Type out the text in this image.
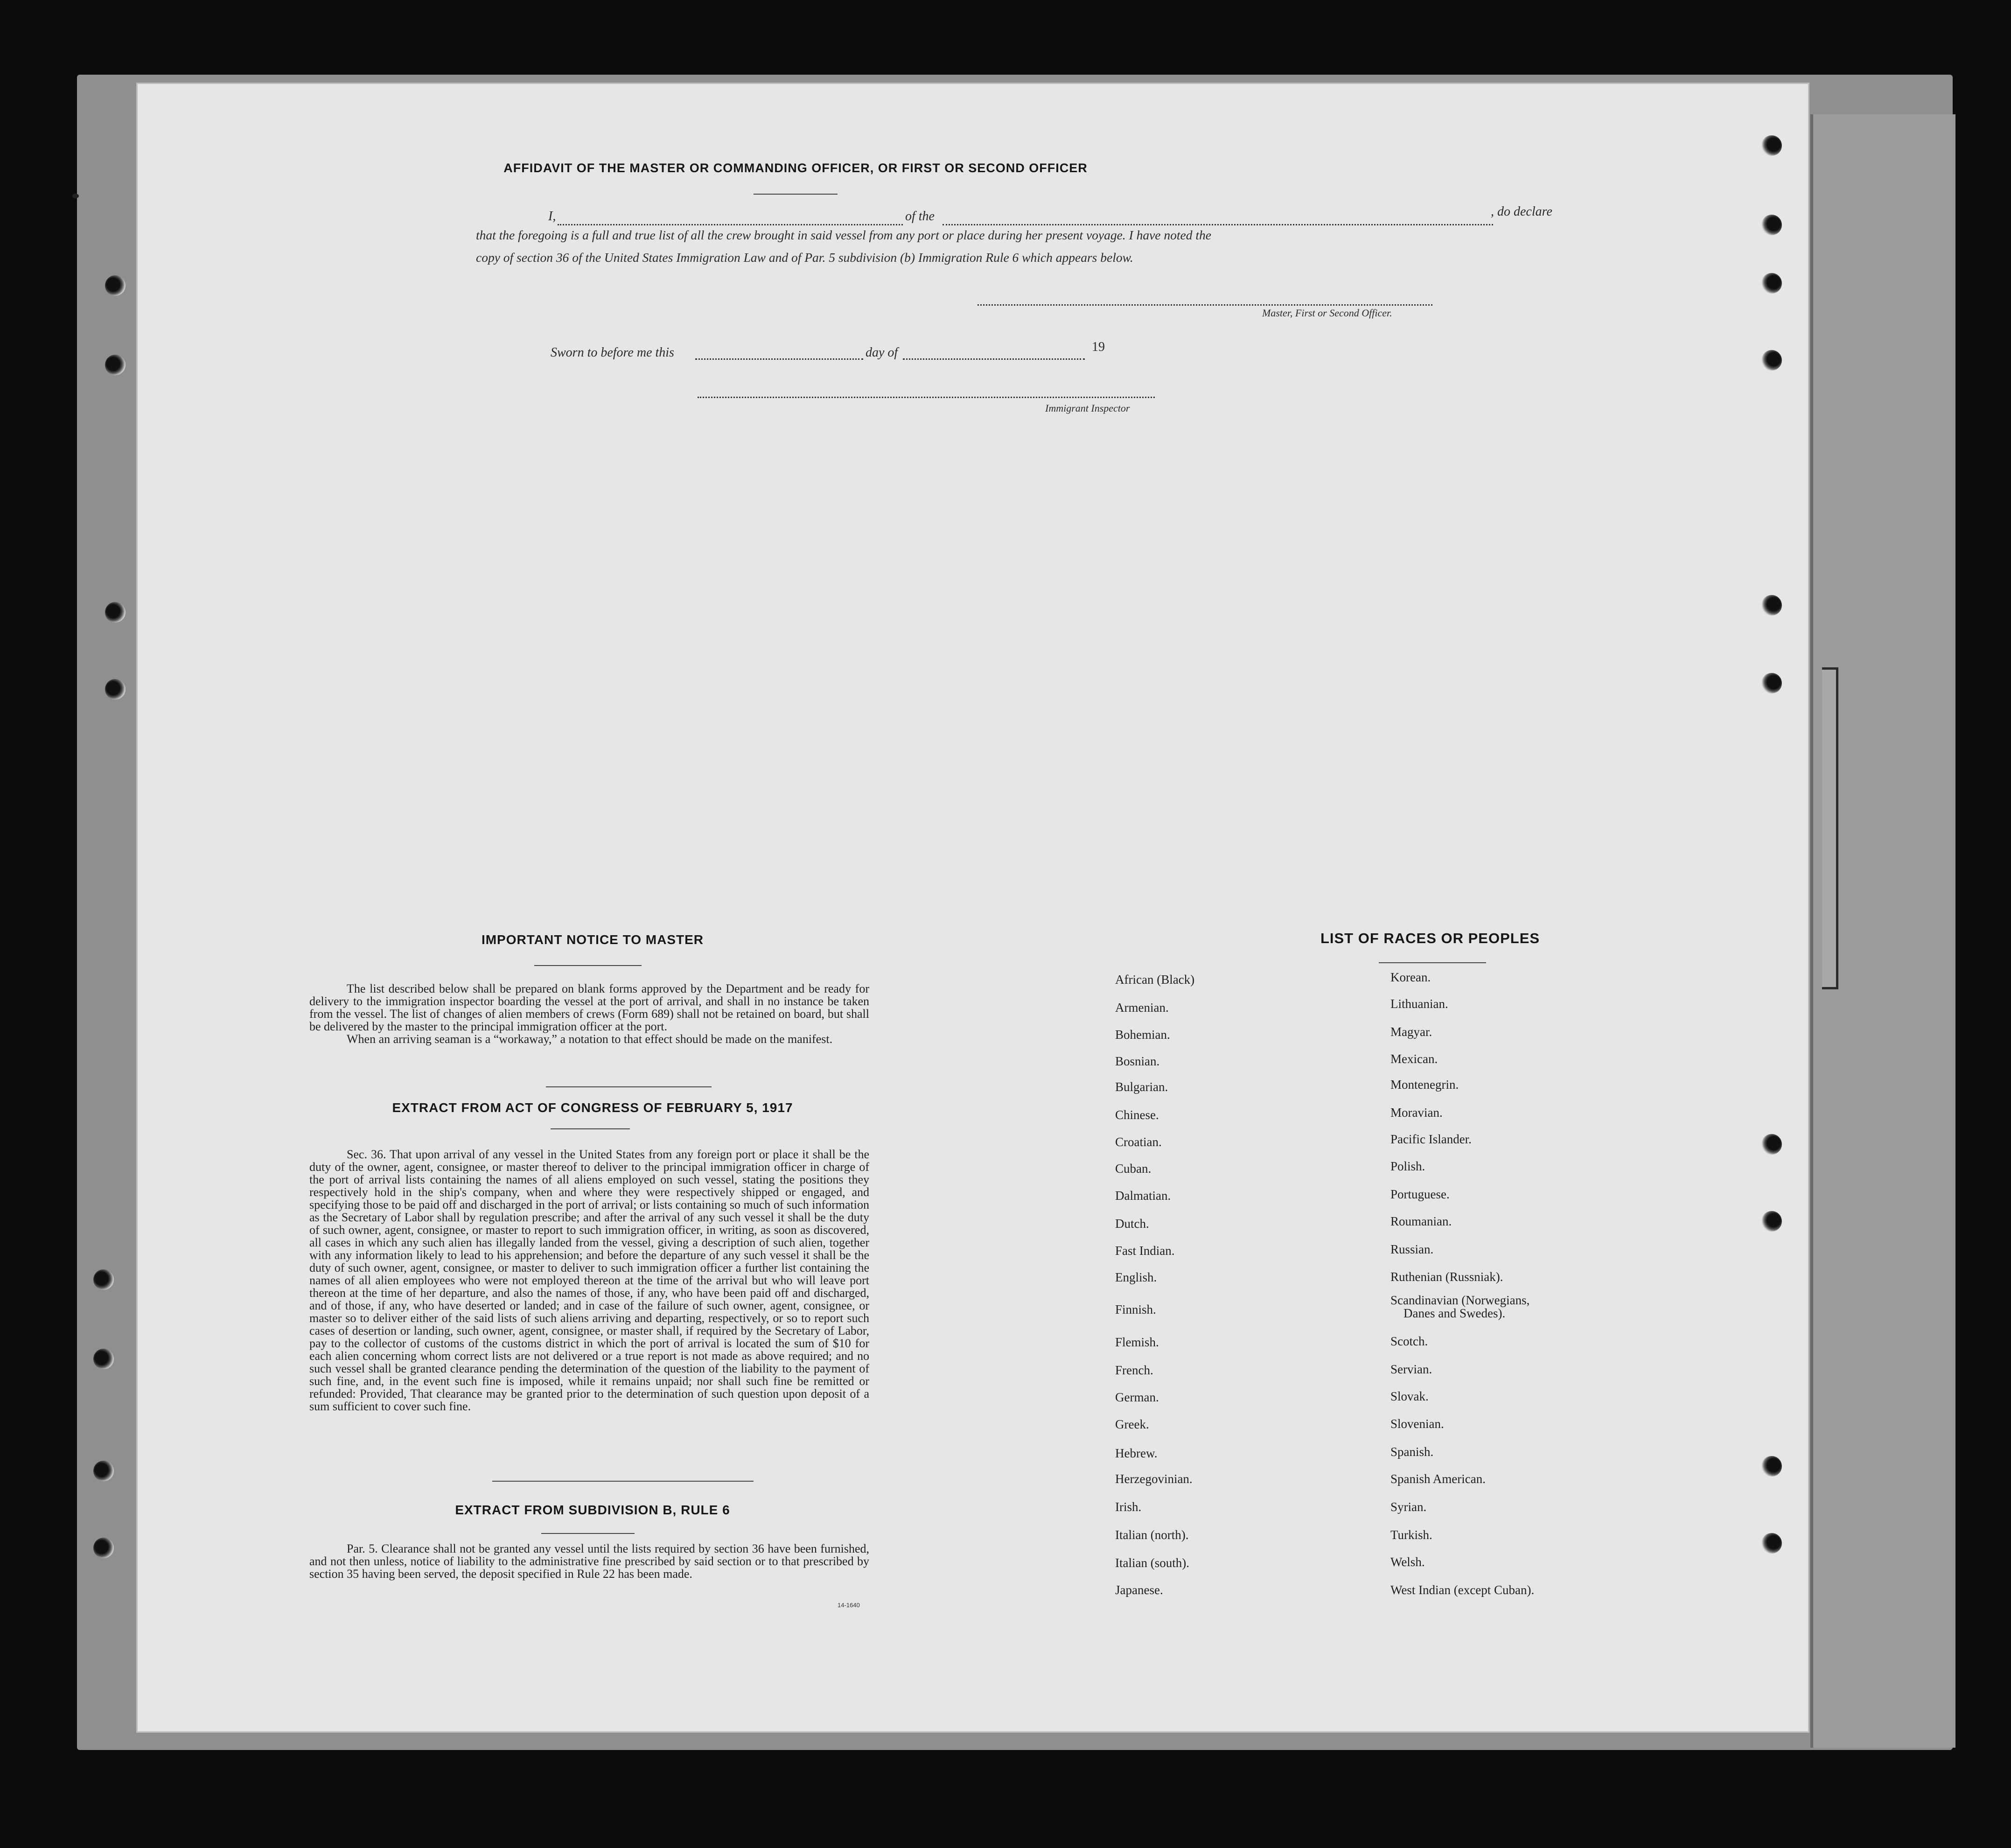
AFFIDAVIT OF THE MASTER OR COMMANDING OFFICER, OR FIRST OR SECOND OFFICER
I,	of the	, do declare
that the foregoing is a full and true list of all the crew brought in said vessel from any port or place during her present voyage. I have noted the
copy of section 36 of the United States Immigration Law and of Par. 5 subdivision (b) Immigration Rule 6 which appears below.
Master, First or Second Officer.
Sworn to before me this	day of	19
Immigrant Inspector
IMPORTANT NOTICE TO MASTER

The list described below shall be prepared on blank forms approved by the Department and be ready for delivery to the immigration inspector boarding the vessel at the port of arrival, and shall in no instance be taken from the vessel. The list of changes of alien members of crews (Form 689) shall not be retained on board, but shall be delivered by the master to the principal immigration officer at the port.

When an arriving seaman is a “workaway,” a notation to that effect should be made on the manifest.

EXTRACT FROM ACT OF CONGRESS OF FEBRUARY 5, 1917

Sec. 36. That upon arrival of any vessel in the United States from any foreign port or place it shall be the duty of the owner, agent, consignee, or master thereof to deliver to the principal immigration officer in charge of the port of arrival lists containing the names of all aliens employed on such vessel, stating the positions they respectively hold in the ship's company, when and where they were respectively shipped or engaged, and specifying those to be paid off and discharged in the port of arrival; or lists containing so much of such information as the Secretary of Labor shall by regulation prescribe; and after the arrival of any such vessel it shall be the duty of such owner, agent, consignee, or master to report to such immigration officer, in writing, as soon as discovered, all cases in which any such alien has illegally landed from the vessel, giving a description of such alien, together with any information likely to lead to his apprehension; and before the departure of any such vessel it shall be the duty of such owner, agent, consignee, or master to deliver to such immigration officer a further list containing the names of all alien employees who were not employed thereon at the time of the arrival but who will leave port thereon at the time of her departure, and also the names of those, if any, who have been paid off and discharged, and of those, if any, who have deserted or landed; and in case of the failure of such owner, agent, consignee, or master so to deliver either of the said lists of such aliens arriving and departing, respectively, or so to report such cases of desertion or landing, such owner, agent, consignee, or master shall, if required by the Secretary of Labor, pay to the collector of customs of the customs district in which the port of arrival is located the sum of $10 for each alien concerning whom correct lists are not delivered or a true report is not made as above required; and no such vessel shall be granted clearance pending the determination of the question of the liability to the payment of such fine, and, in the event such fine is imposed, while it remains unpaid; nor shall such fine be remitted or refunded: Provided, That clearance may be granted prior to the determination of such question upon deposit of a sum sufficient to cover such fine.

EXTRACT FROM SUBDIVISION B, RULE 6

Par. 5. Clearance shall not be granted any vessel until the lists required by section 36 have been furnished, and not then unless, notice of liability to the administrative fine prescribed by said section or to that prescribed by section 35 having been served, the deposit specified in Rule 22 has been made.

14-1640
LIST OF RACES OR PEOPLES
African (Black)
Armenian.
Bohemian.
Bosnian.
Bulgarian.
Chinese.
Croatian.
Cuban.
Dalmatian.
Dutch.
Fast Indian.
English.
Finnish.
Flemish.
French.
German.
Greek.
Hebrew.
Herzegovinian.
Irish.
Italian (north).
Italian (south).
Japanese.
Korean.
Lithuanian.
Magyar.
Mexican.
Montenegrin.
Moravian.
Pacific Islander.
Polish.
Portuguese.
Roumanian.
Russian.
Ruthenian (Russniak).
Scandinavian (Norwegians,
Danes and Swedes).
Scotch.
Servian.
Slovak.
Slovenian.
Spanish.
Spanish American.
Syrian.
Turkish.
Welsh.
West Indian (except Cuban).
